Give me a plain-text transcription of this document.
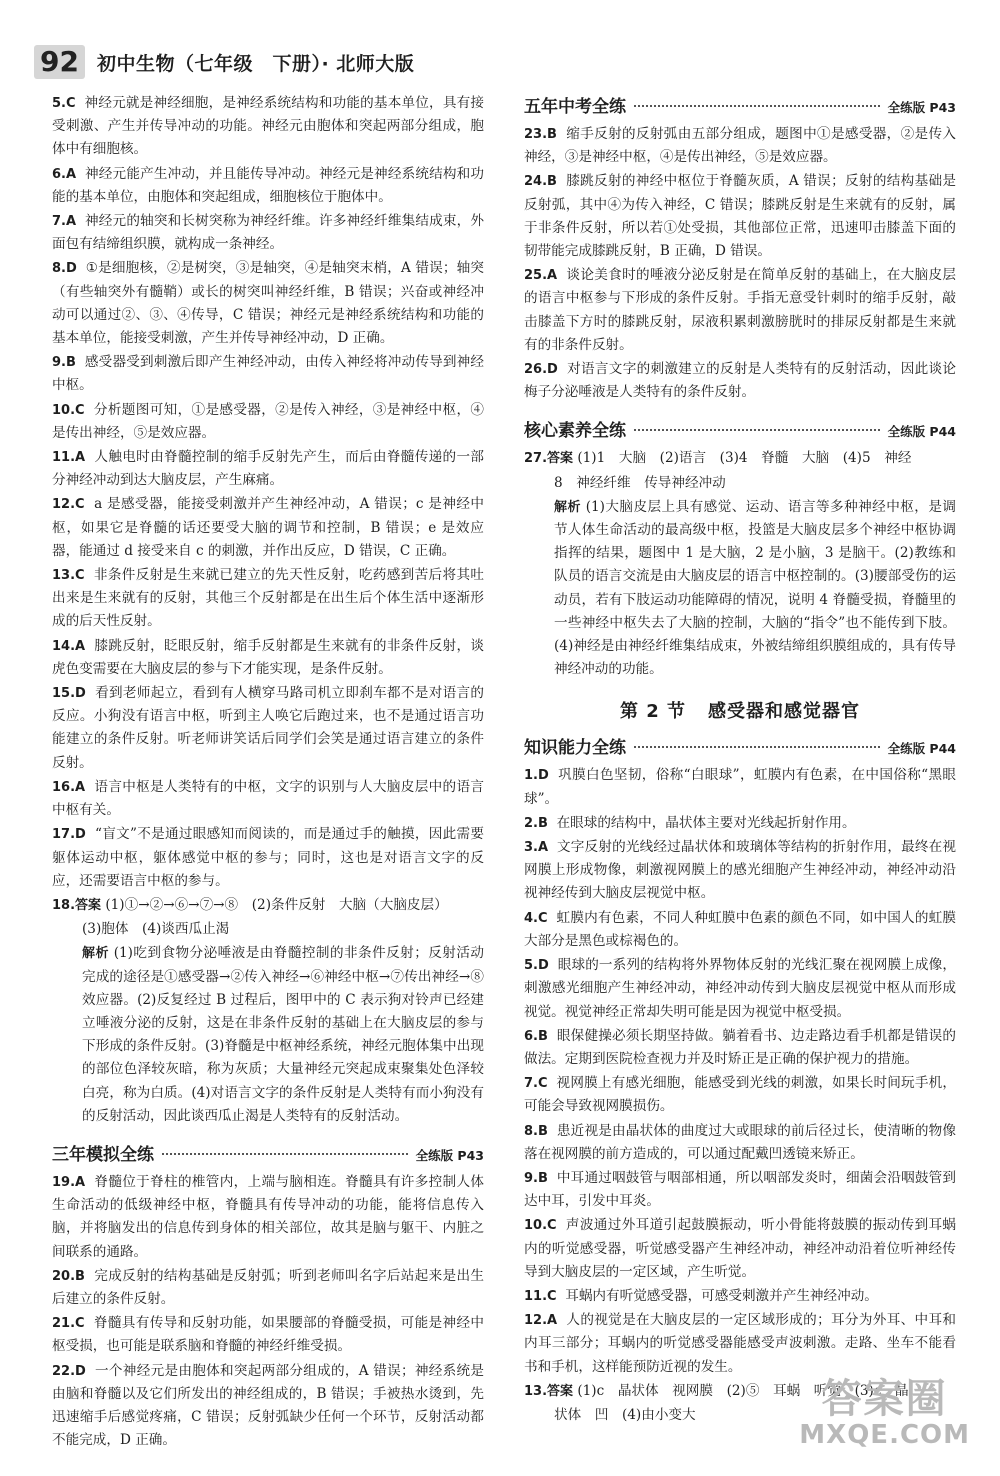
92 初中生物（七年级　下册）· 北师大版

5.C 神经元就是神经细胞，是神经系统结构和功能的基本单位，具有接受刺激、产生并传导冲动的功能。神经元由胞体和突起两部分组成，胞体中有细胞核。

6.A 神经元能产生冲动，并且能传导冲动。神经元是神经系统结构和功能的基本单位，由胞体和突起组成，细胞核位于胞体中。

7.A 神经元的轴突和长树突称为神经纤维。许多神经纤维集结成束，外面包有结缔组织膜，就构成一条神经。

8.D ①是细胞核，②是树突，③是轴突，④是轴突末梢，A 错误；轴突（有些轴突外有髓鞘）或长的树突叫神经纤维，B 错误；兴奋或神经冲动可以通过②、③、④传导，C 错误；神经元是神经系统结构和功能的基本单位，能接受刺激，产生并传导神经冲动，D 正确。

9.B 感受器受到刺激后即产生神经冲动，由传入神经将冲动传导到神经中枢。

10.C 分析题图可知，①是感受器，②是传入神经，③是神经中枢，④是传出神经，⑤是效应器。

11.A 人触电时由脊髓控制的缩手反射先产生，而后由脊髓传递的一部分神经冲动到达大脑皮层，产生麻痛。

12.C a 是感受器，能接受刺激并产生神经冲动，A 错误；c 是神经中枢，如果它是脊髓的话还要受大脑的调节和控制，B 错误；e 是效应器，能通过 d 接受来自 c 的刺激，并作出反应，D 错误，C 正确。

13.C 非条件反射是生来就已建立的先天性反射，吃药感到苦后将其吐出来是生来就有的反射，其他三个反射都是在出生后个体生活中逐渐形成的后天性反射。

14.A 膝跳反射，眨眼反射，缩手反射都是生来就有的非条件反射，谈虎色变需要在大脑皮层的参与下才能实现，是条件反射。

15.D 看到老师起立，看到有人横穿马路司机立即刹车都不是对语言的反应。小狗没有语言中枢，听到主人唤它后跑过来，也不是通过语言功能建立的条件反射。听老师讲笑话后同学们会笑是通过语言建立的条件反射。

16.A 语言中枢是人类特有的中枢，文字的识别与人大脑皮层中的语言中枢有关。

17.D “盲文”不是通过眼感知而阅读的，而是通过手的触摸，因此需要躯体运动中枢，躯体感觉中枢的参与；同时，这也是对语言文字的反应，还需要语言中枢的参与。

18.答案 (1)①→②→⑥→⑦→⑧　(2)条件反射　大脑（大脑皮层）

(3)胞体　(4)谈西瓜止渴

解析 (1)吃到食物分泌唾液是由脊髓控制的非条件反射；反射活动完成的途径是①感受器→②传入神经→⑥神经中枢→⑦传出神经→⑧效应器。(2)反复经过 B 过程后，图甲中的 C 表示狗对铃声已经建立唾液分泌的反射，这是在非条件反射的基础上在大脑皮层的参与下形成的条件反射。(3)脊髓是中枢神经系统，神经元胞体集中出现的部位色泽较灰暗，称为灰质；大量神经元突起成束聚集处色泽较白亮，称为白质。(4)对语言文字的条件反射是人类特有而小狗没有的反射活动，因此谈西瓜止渴是人类特有的反射活动。

三年模拟全练	全练版 P43

19.A 脊髓位于脊柱的椎管内，上端与脑相连。脊髓具有许多控制人体生命活动的低级神经中枢，脊髓具有传导冲动的功能，能将信息传入脑，并将脑发出的信息传到身体的相关部位，故其是脑与躯干、内脏之间联系的通路。

20.B 完成反射的结构基础是反射弧；听到老师叫名字后站起来是出生后建立的条件反射。

21.C 脊髓具有传导和反射功能，如果腰部的脊髓受损，可能是神经中枢受损，也可能是联系脑和脊髓的神经纤维受损。

22.D 一个神经元是由胞体和突起两部分组成的，A 错误；神经系统是由脑和脊髓以及它们所发出的神经组成的，B 错误；手被热水烫到，先迅速缩手后感觉疼痛，C 错误；反射弧缺少任何一个环节，反射活动都不能完成，D 正确。

五年中考全练	全练版 P43

23.B 缩手反射的反射弧由五部分组成，题图中①是感受器，②是传入神经，③是神经中枢，④是传出神经，⑤是效应器。

24.B 膝跳反射的神经中枢位于脊髓灰质，A 错误；反射的结构基础是反射弧，其中④为传入神经，C 错误；膝跳反射是生来就有的反射，属于非条件反射，所以若①处受损，其他部位正常，迅速叩击膝盖下面的韧带能完成膝跳反射，B 正确，D 错误。

25.A 谈论美食时的唾液分泌反射是在简单反射的基础上，在大脑皮层的语言中枢参与下形成的条件反射。手指无意受针刺时的缩手反射，敲击膝盖下方时的膝跳反射，尿液积累刺激膀胱时的排尿反射都是生来就有的非条件反射。

26.D 对语言文字的刺激建立的反射是人类特有的反射活动，因此谈论梅子分泌唾液是人类特有的条件反射。

核心素养全练	全练版 P44

27.答案 (1)1　大脑　(2)语言　(3)4　脊髓　大脑　(4)5　神经

8　神经纤维　传导神经冲动

解析 (1)大脑皮层上具有感觉、运动、语言等多种神经中枢，是调节人体生命活动的最高级中枢，投篮是大脑皮层多个神经中枢协调指挥的结果，题图中 1 是大脑，2 是小脑，3 是脑干。(2)教练和队员的语言交流是由大脑皮层的语言中枢控制的。(3)腰部受伤的运动员，若有下肢运动功能障碍的情况，说明 4 脊髓受损，脊髓里的一些神经中枢失去了大脑的控制，大脑的“指令”也不能传到下肢。(4)神经是由神经纤维集结成束，外被结缔组织膜组成的，具有传导神经冲动的功能。

第 2 节 感受器和感觉器官
知识能力全练	全练版 P44

1.D 巩膜白色坚韧，俗称“白眼球”，虹膜内有色素，在中国俗称“黑眼球”。

2.B 在眼球的结构中，晶状体主要对光线起折射作用。

3.A 文字反射的光线经过晶状体和玻璃体等结构的折射作用，最终在视网膜上形成物像，刺激视网膜上的感光细胞产生神经冲动，神经冲动沿视神经传到大脑皮层视觉中枢。

4.C 虹膜内有色素，不同人种虹膜中色素的颜色不同，如中国人的虹膜大部分是黑色或棕褐色的。

5.D 眼球的一系列的结构将外界物体反射的光线汇聚在视网膜上成像，刺激感光细胞产生神经冲动，神经冲动传到大脑皮层视觉中枢从而形成视觉。视觉神经正常却失明可能是因为视觉中枢受损。

6.B 眼保健操必须长期坚持做。躺着看书、边走路边看手机都是错误的做法。定期到医院检查视力并及时矫正是正确的保护视力的措施。

7.C 视网膜上有感光细胞，能感受到光线的刺激，如果长时间玩手机，可能会导致视网膜损伤。

8.B 患近视是由晶状体的曲度过大或眼球的前后径过长，使清晰的物像落在视网膜的前方造成的，可以通过配戴凹透镜来矫正。

9.B 中耳通过咽鼓管与咽部相通，所以咽部发炎时，细菌会沿咽鼓管到达中耳，引发中耳炎。

10.C 声波通过外耳道引起鼓膜振动，听小骨能将鼓膜的振动传到耳蜗内的听觉感受器，听觉感受器产生神经冲动，神经冲动沿着位听神经传导到大脑皮层的一定区域，产生听觉。

11.C 耳蜗内有听觉感受器，可感受刺激并产生神经冲动。

12.A 人的视觉是在大脑皮层的一定区域形成的；耳分为外耳、中耳和内耳三部分；耳蜗内的听觉感受器能感受声波刺激。走路、坐车不能看书和手机，这样能预防近视的发生。

13.答案 (1)c　晶状体　视网膜　(2)⑤　耳蜗　听觉　(3)c　晶

状体　凹　(4)由小变大	答案圈
MXQE.COM
